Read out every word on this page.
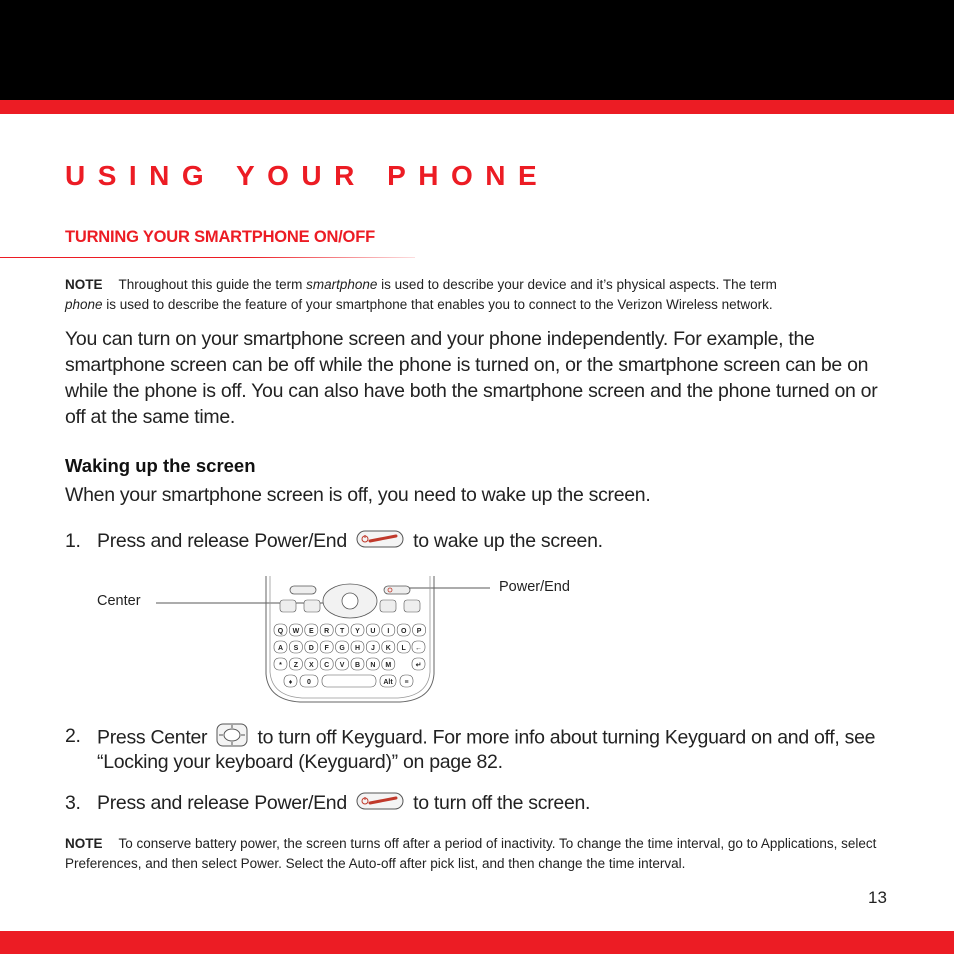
USING YOUR PHONE
TURNING YOUR SMARTPHONE ON/OFF
NOTE Throughout this guide the term smartphone is used to describe your device and it’s physical aspects. The term
phone is used to describe the feature of your smartphone that enables you to connect to the Verizon Wireless network.
You can turn on your smartphone screen and your phone independently. For example, the smartphone screen can be off while the phone is turned on, or the smartphone screen can be on while the phone is off. You can also have both the smartphone screen and the phone turned on or off at the same time.
Waking up the screen
When your smartphone screen is off, you need to wake up the screen.
1. Press and release Power/End	to wake up the screen.
Center
Power/End
Q W E R T Y U I O P
A S D F G H J K L ←
* Z X C V B N M	↵
♦ 0	Alt ≡
2. Press Center	to turn off Keyguard. For more info about turning Keyguard on and off, see
“Locking your keyboard (Keyguard)” on page 82.
3. Press and release Power/End	to turn off the screen.
NOTE To conserve battery power, the screen turns off after a period of inactivity. To change the time interval, go to Applications, select Preferences, and then select Power. Select the Auto-off after pick list, and then change the time interval.
13
